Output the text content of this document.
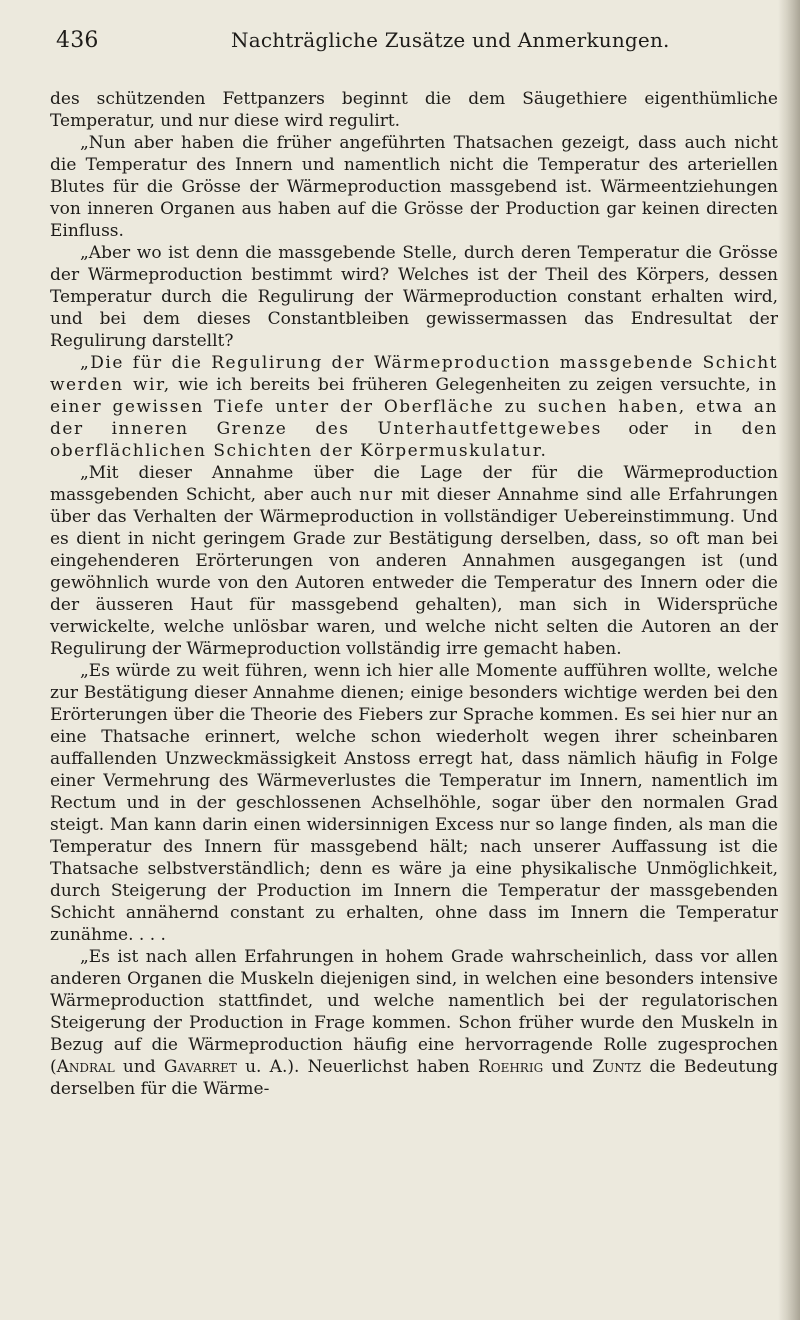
436	Nachträgliche Zusätze und Anmerkungen.

des schützenden Fettpanzers beginnt die dem Säugethiere eigenthümliche Temperatur, und nur diese wird regulirt.

„Nun aber haben die früher angeführten Thatsachen gezeigt, dass auch nicht die Temperatur des Innern und namentlich nicht die Temperatur des arteriellen Blutes für die Grösse der Wärmeproduction massgebend ist. Wärmeentziehungen von inneren Organen aus haben auf die Grösse der Production gar keinen directen Einfluss.

„Aber wo ist denn die massgebende Stelle, durch deren Temperatur die Grösse der Wärmeproduction bestimmt wird? Welches ist der Theil des Körpers, dessen Temperatur durch die Regulirung der Wärmeproduction constant erhalten wird, und bei dem dieses Constantbleiben gewissermassen das Endresultat der Regulirung darstellt?

„Die für die Regulirung der Wärmeproduction massgebende Schicht werden wir, wie ich bereits bei früheren Gelegenheiten zu zeigen versuchte, in einer gewissen Tiefe unter der Oberfläche zu suchen haben, etwa an der inneren Grenze des Unterhautfettgewebes oder in den oberflächlichen Schichten der Körpermuskulatur.

„Mit dieser Annahme über die Lage der für die Wärmeproduction massgebenden Schicht, aber auch nur mit dieser Annahme sind alle Erfahrungen über das Verhalten der Wärmeproduction in vollständiger Uebereinstimmung. Und es dient in nicht geringem Grade zur Bestätigung derselben, dass, so oft man bei eingehenderen Erörterungen von anderen Annahmen ausgegangen ist (und gewöhnlich wurde von den Autoren entweder die Temperatur des Innern oder die der äusseren Haut für massgebend gehalten), man sich in Widersprüche verwickelte, welche unlösbar waren, und welche nicht selten die Autoren an der Regulirung der Wärmeproduction vollständig irre gemacht haben.

„Es würde zu weit führen, wenn ich hier alle Momente aufführen wollte, welche zur Bestätigung dieser Annahme dienen; einige besonders wichtige werden bei den Erörterungen über die Theorie des Fiebers zur Sprache kommen. Es sei hier nur an eine Thatsache erinnert, welche schon wiederholt wegen ihrer scheinbaren auffallenden Unzweckmässigkeit Anstoss erregt hat, dass nämlich häufig in Folge einer Vermehrung des Wärmeverlustes die Temperatur im Innern, namentlich im Rectum und in der geschlossenen Achselhöhle, sogar über den normalen Grad steigt. Man kann darin einen widersinnigen Excess nur so lange finden, als man die Temperatur des Innern für massgebend hält; nach unserer Auffassung ist die Thatsache selbstverständlich; denn es wäre ja eine physikalische Unmöglichkeit, durch Steigerung der Production im Innern die Temperatur der massgebenden Schicht annähernd constant zu erhalten, ohne dass im Innern die Temperatur zunähme. . . .

„Es ist nach allen Erfahrungen in hohem Grade wahrscheinlich, dass vor allen anderen Organen die Muskeln diejenigen sind, in welchen eine besonders intensive Wärmeproduction stattfindet, und welche namentlich bei der regulatorischen Steigerung der Production in Frage kommen. Schon früher wurde den Muskeln in Bezug auf die Wärmeproduction häufig eine hervorragende Rolle zugesprochen (Andral und Gavarret u. A.). Neuerlichst haben Roehrig und Zuntz die Bedeutung derselben für die Wärme-
